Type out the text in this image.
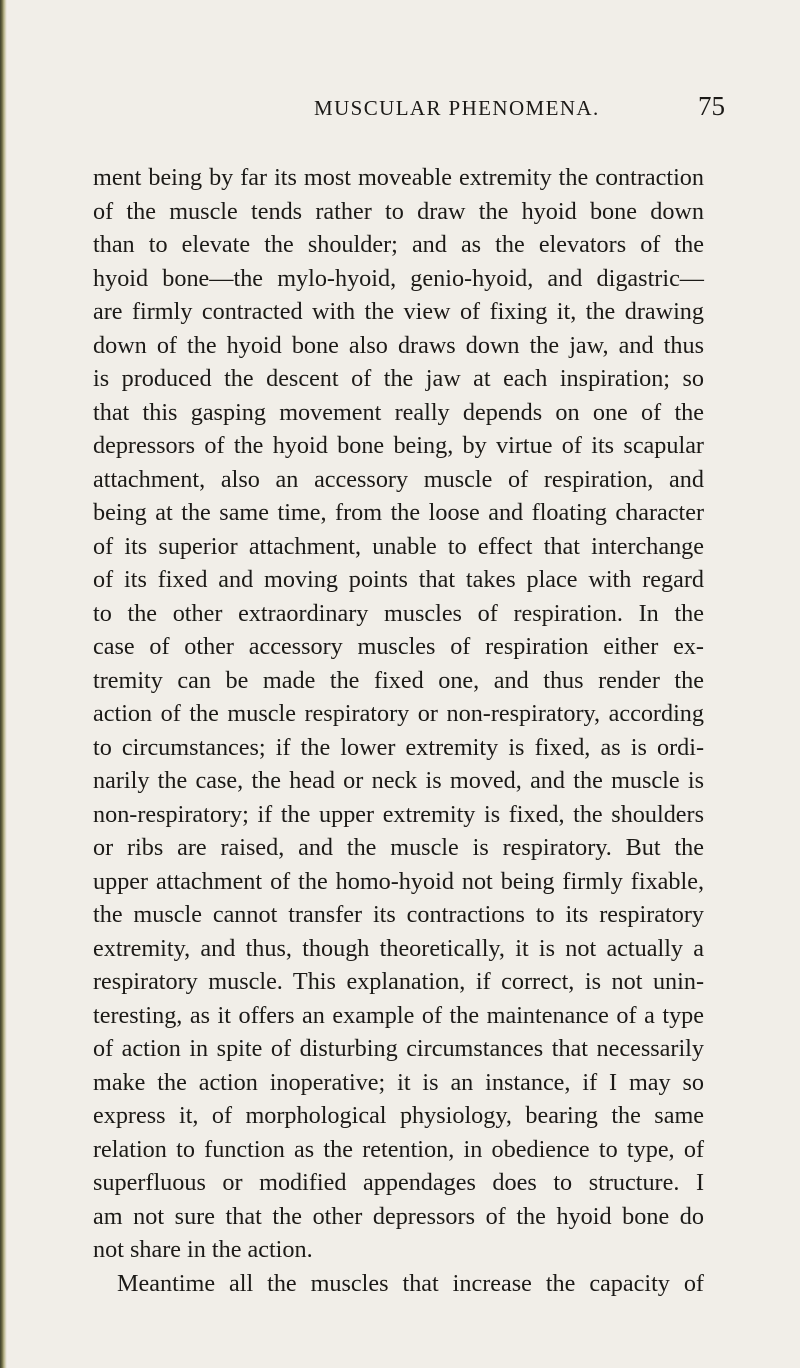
MUSCULAR PHENOMENA.	75
ment being by far its most moveable extremity the contraction
of the muscle tends rather to draw the hyoid bone down
than to elevate the shoulder; and as the elevators of the
hyoid bone—the mylo-hyoid, genio-hyoid, and digastric—
are firmly contracted with the view of fixing it, the drawing
down of the hyoid bone also draws down the jaw, and thus
is produced the descent of the jaw at each inspiration; so
that this gasping movement really depends on one of the
depressors of the hyoid bone being, by virtue of its scapular
attachment, also an accessory muscle of respiration, and
being at the same time, from the loose and floating character
of its superior attachment, unable to effect that interchange
of its fixed and moving points that takes place with regard
to the other extraordinary muscles of respiration. In the
case of other accessory muscles of respiration either ex-
tremity can be made the fixed one, and thus render the
action of the muscle respiratory or non-respiratory, according
to circumstances; if the lower extremity is fixed, as is ordi-
narily the case, the head or neck is moved, and the muscle is
non-respiratory; if the upper extremity is fixed, the shoulders
or ribs are raised, and the muscle is respiratory. But the
upper attachment of the homo-hyoid not being firmly fixable,
the muscle cannot transfer its contractions to its respiratory
extremity, and thus, though theoretically, it is not actually a
respiratory muscle. This explanation, if correct, is not unin-
teresting, as it offers an example of the maintenance of a type
of action in spite of disturbing circumstances that necessarily
make the action inoperative; it is an instance, if I may so
express it, of morphological physiology, bearing the same
relation to function as the retention, in obedience to type, of
superfluous or modified appendages does to structure. I
am not sure that the other depressors of the hyoid bone do
not share in the action.
Meantime all the muscles that increase the capacity of
